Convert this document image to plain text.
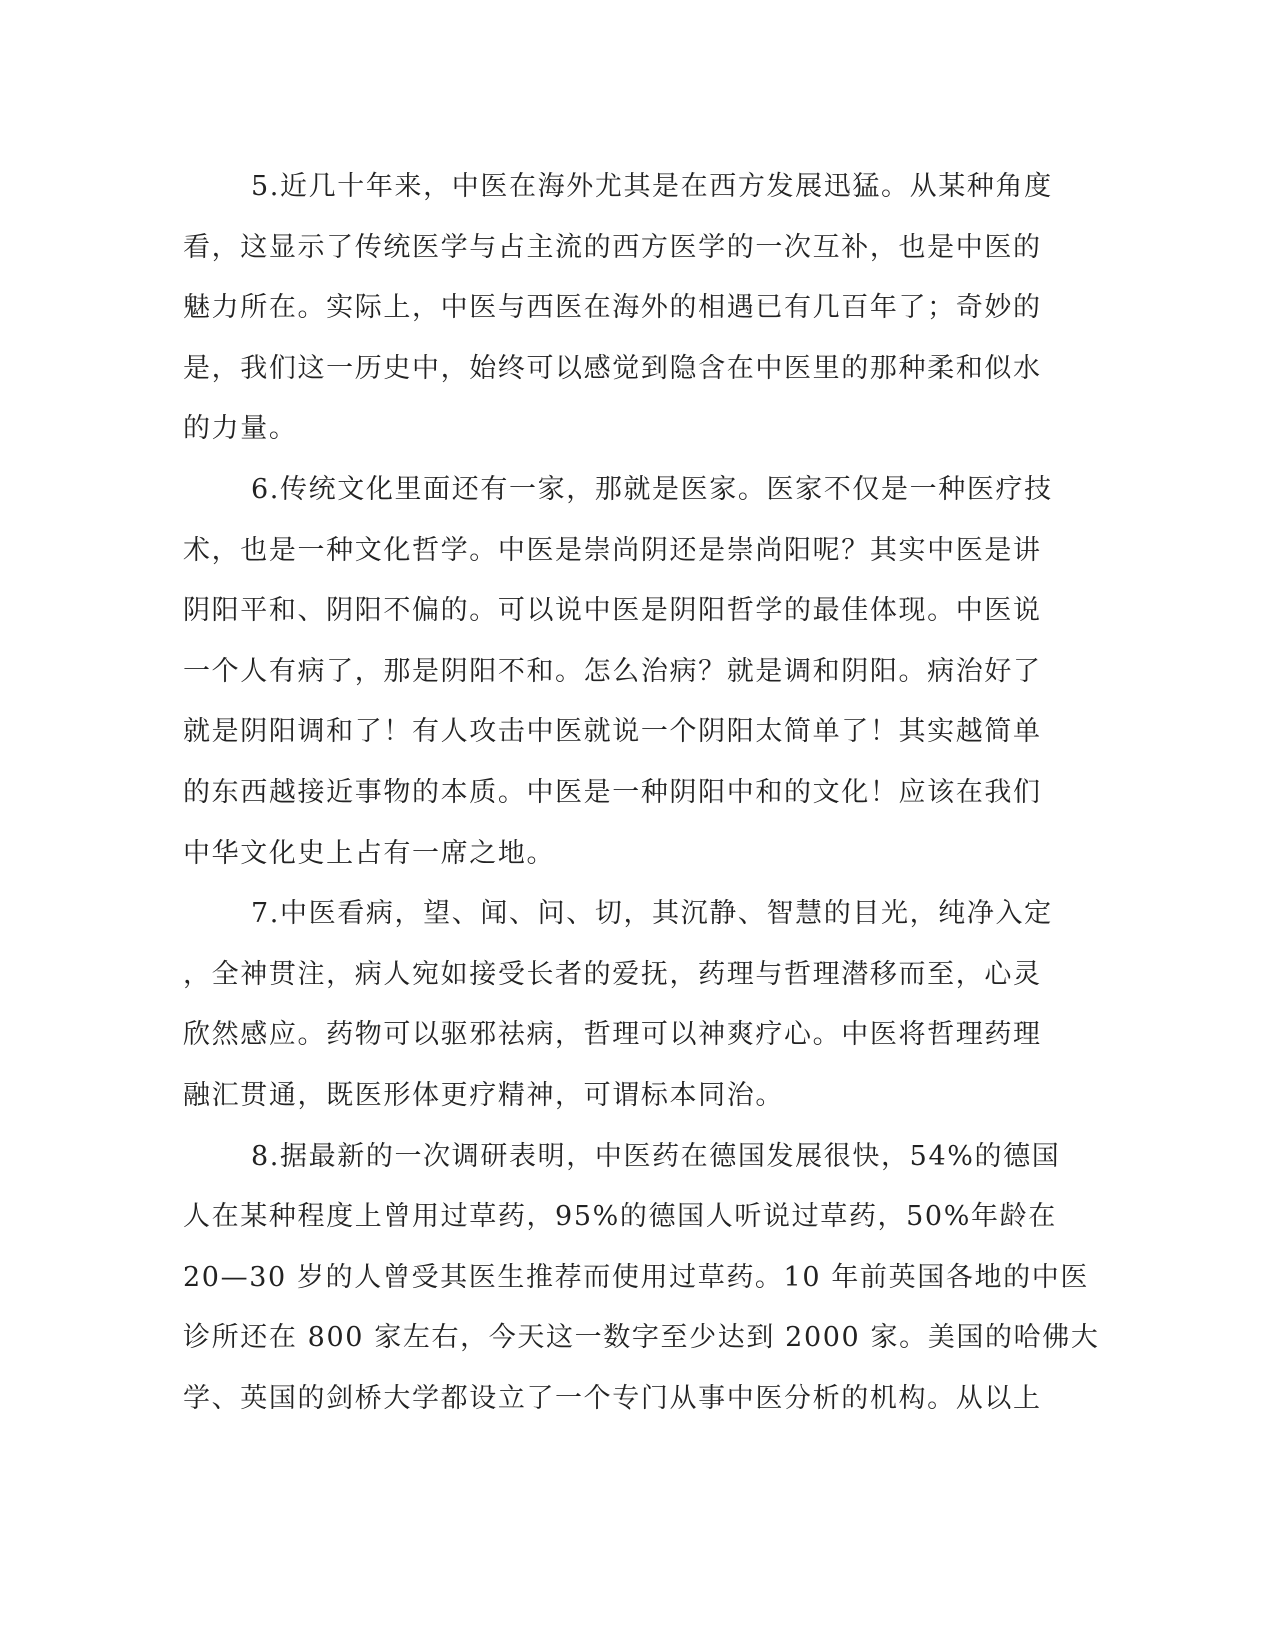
5.近几十年来，中医在海外尤其是在西方发展迅猛。从某种角度
看，这显示了传统医学与占主流的西方医学的一次互补，也是中医的
魅力所在。实际上，中医与西医在海外的相遇已有几百年了；奇妙的
是，我们这一历史中，始终可以感觉到隐含在中医里的那种柔和似水
的力量。
6.传统文化里面还有一家，那就是医家。医家不仅是一种医疗技
术，也是一种文化哲学。中医是崇尚阴还是崇尚阳呢？其实中医是讲
阴阳平和、阴阳不偏的。可以说中医是阴阳哲学的最佳体现。中医说
一个人有病了，那是阴阳不和。怎么治病？就是调和阴阳。病治好了
就是阴阳调和了！有人攻击中医就说一个阴阳太简单了！其实越简单
的东西越接近事物的本质。中医是一种阴阳中和的文化！应该在我们
中华文化史上占有一席之地。
7.中医看病，望、闻、问、切，其沉静、智慧的目光，纯净入定
，全神贯注，病人宛如接受长者的爱抚，药理与哲理潜移而至，心灵
欣然感应。药物可以驱邪祛病，哲理可以神爽疗心。中医将哲理药理
融汇贯通，既医形体更疗精神，可谓标本同治。
8.据最新的一次调研表明，中医药在德国发展很快，54%的德国
人在某种程度上曾用过草药，95%的德国人听说过草药，50%年龄在
20—30 岁的人曾受其医生推荐而使用过草药。10 年前英国各地的中医
诊所还在 800 家左右，今天这一数字至少达到 2000 家。美国的哈佛大
学、英国的剑桥大学都设立了一个专门从事中医分析的机构。从以上
